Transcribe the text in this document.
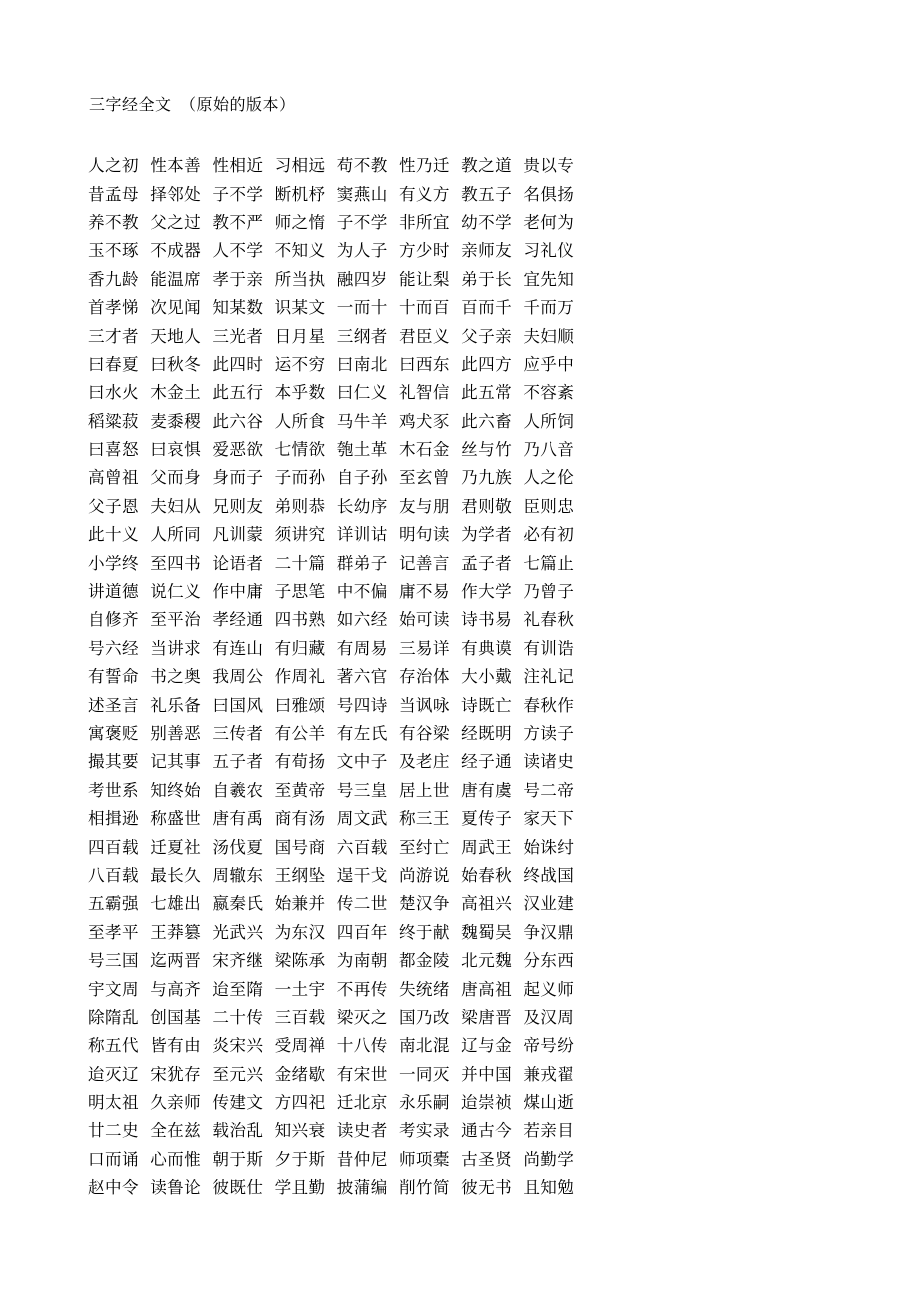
三字经全文　（原始的版本）
人之初 性本善 性相近 习相远 苟不教 性乃迁 教之道 贵以专
昔孟母 择邻处 子不学 断机杼 窦燕山 有义方 教五子 名俱扬
养不教 父之过 教不严 师之惰 子不学 非所宜 幼不学 老何为
玉不琢 不成器 人不学 不知义 为人子 方少时 亲师友 习礼仪
香九龄 能温席 孝于亲 所当执 融四岁 能让梨 弟于长 宜先知
首孝悌 次见闻 知某数 识某文 一而十 十而百 百而千 千而万
三才者 天地人 三光者 日月星 三纲者 君臣义 父子亲 夫妇顺
曰春夏 曰秋冬 此四时 运不穷 曰南北 曰西东 此四方 应乎中
曰水火 木金土 此五行 本乎数 曰仁义 礼智信 此五常 不容紊
稻粱菽 麦黍稷 此六谷 人所食 马牛羊 鸡犬豕 此六畜 人所饲
曰喜怒 曰哀惧 爱恶欲 七情欲 匏土革 木石金 丝与竹 乃八音
高曾祖 父而身 身而子 子而孙 自子孙 至玄曾 乃九族 人之伦
父子恩 夫妇从 兄则友 弟则恭 长幼序 友与朋 君则敬 臣则忠
此十义 人所同 凡训蒙 须讲究 详训诂 明句读 为学者 必有初
小学终 至四书 论语者 二十篇 群弟子 记善言 孟子者 七篇止
讲道德 说仁义 作中庸 子思笔 中不偏 庸不易 作大学 乃曾子
自修齐 至平治 孝经通 四书熟 如六经 始可读 诗书易 礼春秋
号六经 当讲求 有连山 有归藏 有周易 三易详 有典谟 有训诰
有誓命 书之奥 我周公 作周礼 著六官 存治体 大小戴 注礼记
述圣言 礼乐备 曰国风 曰雅颂 号四诗 当讽咏 诗既亡 春秋作
寓褒贬 别善恶 三传者 有公羊 有左氏 有谷梁 经既明 方读子
撮其要 记其事 五子者 有荀扬 文中子 及老庄 经子通 读诸史
考世系 知终始 自羲农 至黄帝 号三皇 居上世 唐有虞 号二帝
相揖逊 称盛世 唐有禹 商有汤 周文武 称三王 夏传子 家天下
四百载 迁夏社 汤伐夏 国号商 六百载 至纣亡 周武王 始诛纣
八百载 最长久 周辙东 王纲坠 逞干戈 尚游说 始春秋 终战国
五霸强 七雄出 嬴秦氏 始兼并 传二世 楚汉争 高祖兴 汉业建
至孝平 王莽篡 光武兴 为东汉 四百年 终于献 魏蜀吴 争汉鼎
号三国 迄两晋 宋齐继 梁陈承 为南朝 都金陵 北元魏 分东西
宇文周 与高齐 迨至隋 一土宇 不再传 失统绪 唐高祖 起义师
除隋乱 创国基 二十传 三百载 梁灭之 国乃改 梁唐晋 及汉周
称五代 皆有由 炎宋兴 受周禅 十八传 南北混 辽与金 帝号纷
迨灭辽 宋犹存 至元兴 金绪歇 有宋世 一同灭 并中国 兼戎翟
明太祖 久亲师 传建文 方四祀 迁北京 永乐嗣 迨崇祯 煤山逝
廿二史 全在兹 载治乱 知兴衰 读史者 考实录 通古今 若亲目
口而诵 心而惟 朝于斯 夕于斯 昔仲尼 师项橐 古圣贤 尚勤学
赵中令 读鲁论 彼既仕 学且勤 披蒲编 削竹简 彼无书 且知勉
